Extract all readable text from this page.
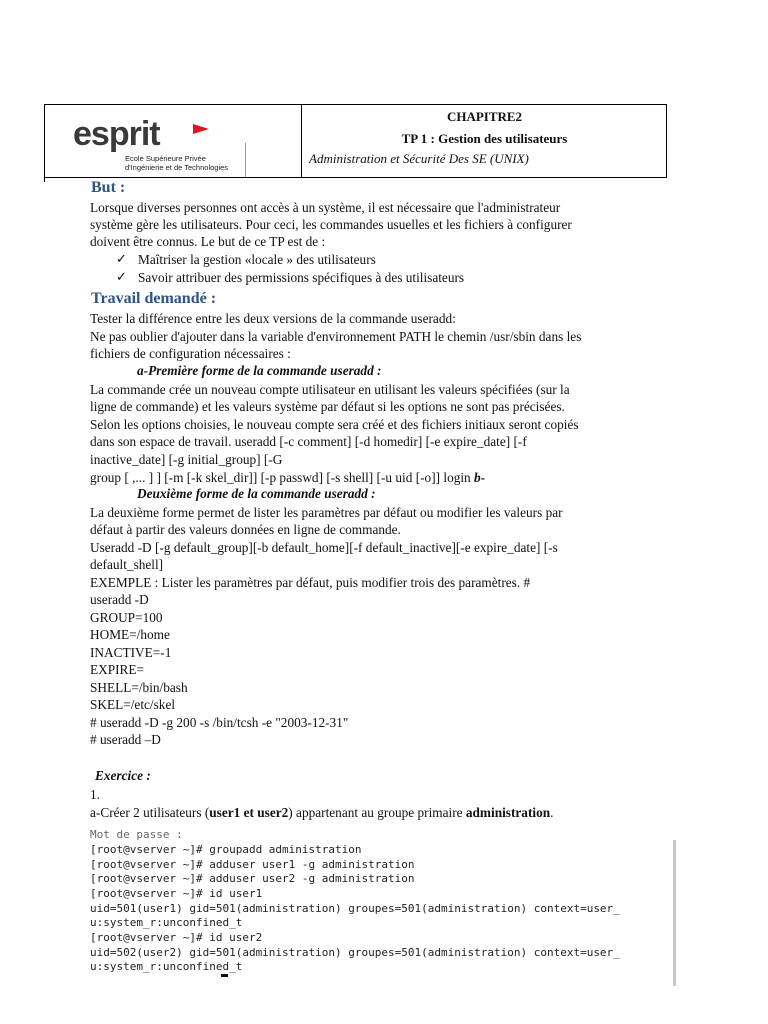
esprit
Ecole Supérieure Privée
d'Ingénierie et de Technologies
CHAPITRE2
TP 1 : Gestion des utilisateurs
Administration et Sécurité Des SE (UNIX)
But :
Lorsque diverses personnes ont accès à un système, il est nécessaire que l'administrateur
système gère les utilisateurs. Pour ceci, les commandes usuelles et les fichiers à configurer
doivent être connus. Le but de ce TP est de :
✓ Maîtriser la gestion «locale » des utilisateurs
✓ Savoir attribuer des permissions spécifiques à des utilisateurs
Travail demandé :
Tester la différence entre les deux versions de la commande useradd:
Ne pas oublier d'ajouter dans la variable d'environnement PATH le chemin /usr/sbin dans les
fichiers de configuration nécessaires :
a-Première forme de la commande useradd :
La commande crée un nouveau compte utilisateur en utilisant les valeurs spécifiées (sur la
ligne de commande) et les valeurs système par défaut si les options ne sont pas précisées.
Selon les options choisies, le nouveau compte sera créé et des fichiers initiaux seront copiés
dans son espace de travail. useradd [-c comment] [-d homedir] [-e expire_date] [-f
inactive_date] [-g initial_group] [-G
group [ ,... ] ] [-m [-k skel_dir]] [-p passwd] [-s shell] [-u uid [-o]] login b-
Deuxième forme de la commande useradd :
La deuxième forme permet de lister les paramètres par défaut ou modifier les valeurs par
défaut à partir des valeurs données en ligne de commande.
Useradd -D [-g default_group][-b default_home][-f default_inactive][-e expire_date] [-s
default_shell]
EXEMPLE : Lister les paramètres par défaut, puis modifier trois des paramètres. #
useradd -D
GROUP=100
HOME=/home
INACTIVE=-1
EXPIRE=
SHELL=/bin/bash
SKEL=/etc/skel
# useradd -D -g 200 -s /bin/tcsh -e "2003-12-31"
# useradd –D
Exercice :
1.
a-Créer 2 utilisateurs (user1 et user2) appartenant au groupe primaire administration.
Mot de passe :
[root@vserver ~]# groupadd administration
[root@vserver ~]# adduser user1 -g administration
[root@vserver ~]# adduser user2 -g administration
[root@vserver ~]# id user1
uid=501(user1) gid=501(administration) groupes=501(administration) context=user_
u:system_r:unconfined_t
[root@vserver ~]# id user2
uid=502(user2) gid=501(administration) groupes=501(administration) context=user_
u:system_r:unconfined_t
